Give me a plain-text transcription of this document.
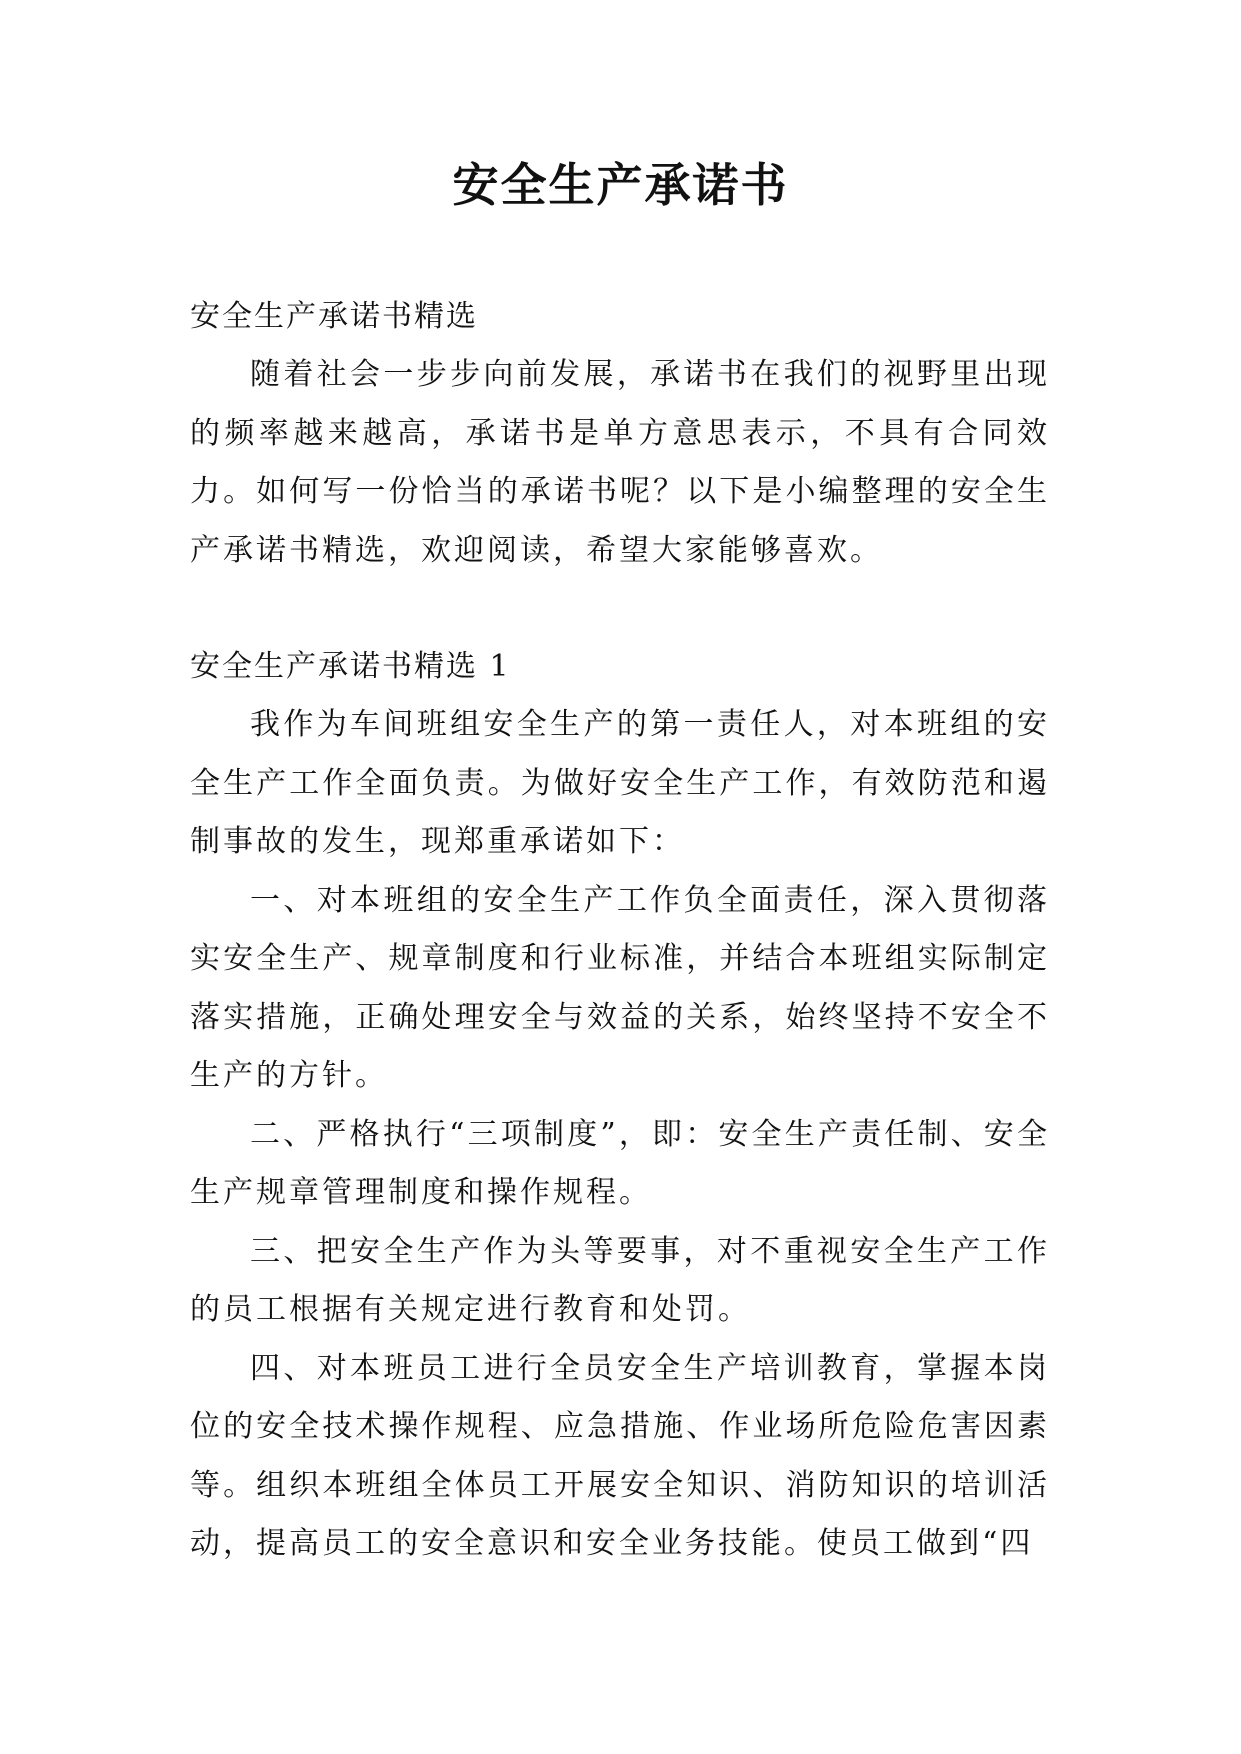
安全生产承诺书

安全生产承诺书精选

随着社会一步步向前发展，承诺书在我们的视野里出现的频率越来越高，承诺书是单方意思表示，不具有合同效力。如何写一份恰当的承诺书呢？以下是小编整理的安全生产承诺书精选，欢迎阅读，希望大家能够喜欢。

安全生产承诺书精选 1

我作为车间班组安全生产的第一责任人，对本班组的安全生产工作全面负责。为做好安全生产工作，有效防范和遏制事故的发生，现郑重承诺如下：

一、对本班组的安全生产工作负全面责任，深入贯彻落实安全生产、规章制度和行业标准，并结合本班组实际制定落实措施，正确处理安全与效益的关系，始终坚持不安全不生产的方针。

二、严格执行“三项制度”，即：安全生产责任制、安全生产规章管理制度和操作规程。

三、把安全生产作为头等要事，对不重视安全生产工作的员工根据有关规定进行教育和处罚。

四、对本班员工进行全员安全生产培训教育，掌握本岗位的安全技术操作规程、应急措施、作业场所危险危害因素等。组织本班组全体员工开展安全知识、消防知识的培训活动，提高员工的安全意识和安全业务技能。使员工做到“四
